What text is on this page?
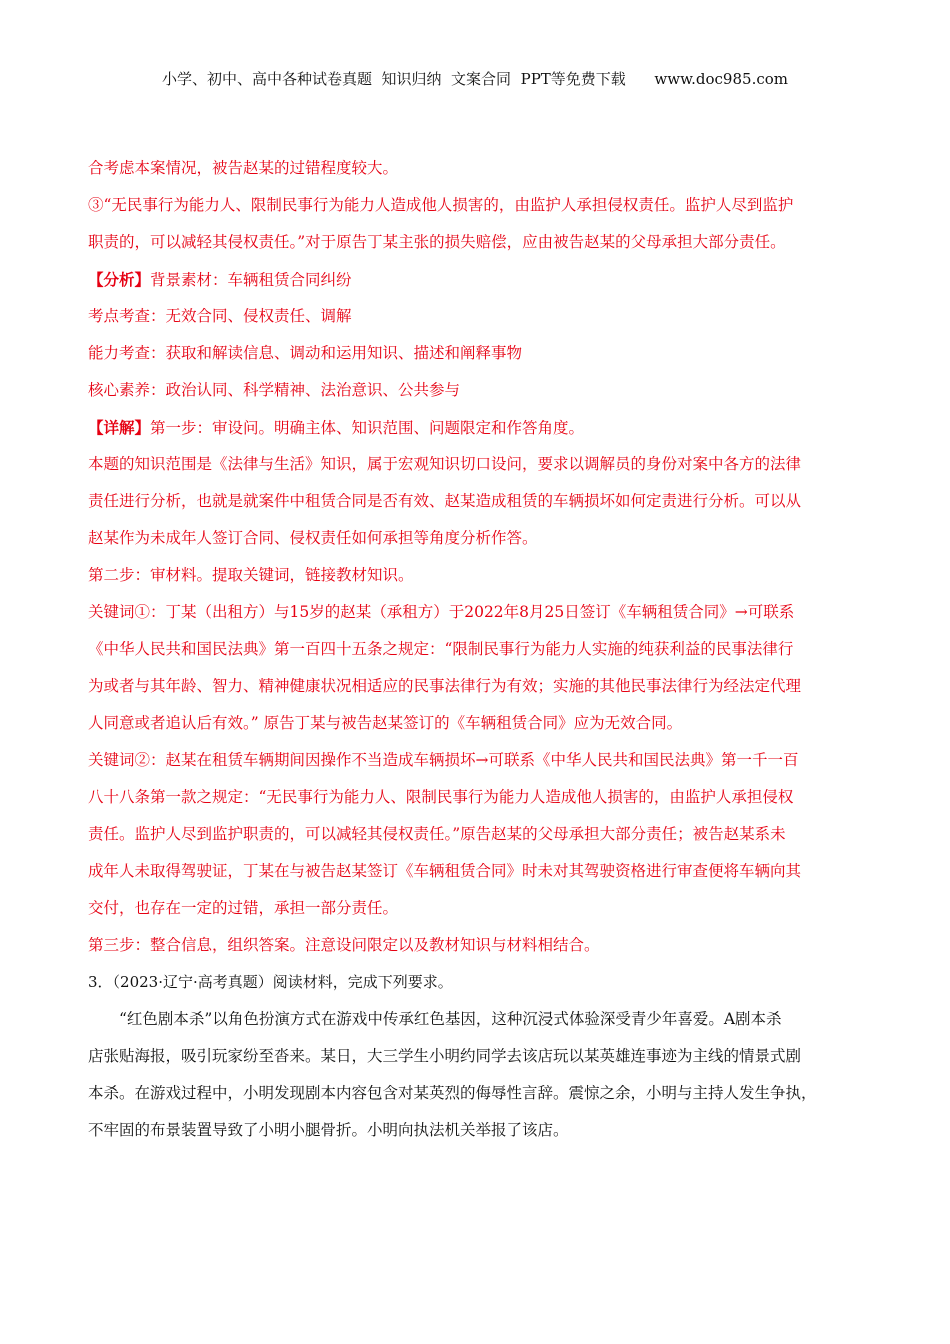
小学、初中、高中各种试卷真题  知识归纳  文案合同  PPT等免费下载      www.doc985.com
合考虑本案情况，被告赵某的过错程度较大。
③“无民事行为能力人、限制民事行为能力人造成他人损害的，由监护人承担侵权责任。监护人尽到监护
职责的，可以减轻其侵权责任。”对于原告丁某主张的损失赔偿，应由被告赵某的父母承担大部分责任。
【分析】背景素材：车辆租赁合同纠纷
考点考查：无效合同、侵权责任、调解
能力考查：获取和解读信息、调动和运用知识、描述和阐释事物
核心素养：政治认同、科学精神、法治意识、公共参与
【详解】第一步：审设问。明确主体、知识范围、问题限定和作答角度。
本题的知识范围是《法律与生活》知识，属于宏观知识切口设问，要求以调解员的身份对案中各方的法律
责任进行分析，也就是就案件中租赁合同是否有效、赵某造成租赁的车辆损坏如何定责进行分析。可以从
赵某作为未成年人签订合同、侵权责任如何承担等角度分析作答。
第二步：审材料。提取关键词，链接教材知识。
关键词①：丁某（出租方）与15岁的赵某（承租方）于2022年8月25日签订《车辆租赁合同》→可联系
《中华人民共和国民法典》第一百四十五条之规定：“限制民事行为能力人实施的纯获利益的民事法律行
为或者与其年龄、智力、精神健康状况相适应的民事法律行为有效；实施的其他民事法律行为经法定代理
人同意或者追认后有效。” 原告丁某与被告赵某签订的《车辆租赁合同》应为无效合同。
关键词②：赵某在租赁车辆期间因操作不当造成车辆损坏→可联系《中华人民共和国民法典》第一千一百
八十八条第一款之规定：“无民事行为能力人、限制民事行为能力人造成他人损害的，由监护人承担侵权
责任。监护人尽到监护职责的，可以减轻其侵权责任。”原告赵某的父母承担大部分责任；被告赵某系未
成年人未取得驾驶证，丁某在与被告赵某签订《车辆租赁合同》时未对其驾驶资格进行审查便将车辆向其
交付，也存在一定的过错，承担一部分责任。
第三步：整合信息，组织答案。注意设问限定以及教材知识与材料相结合。
3．（2023·辽宁·高考真题）阅读材料，完成下列要求。
“红色剧本杀”以角色扮演方式在游戏中传承红色基因，这种沉浸式体验深受青少年喜爱。A剧本杀
店张贴海报，吸引玩家纷至沓来。某日，大三学生小明约同学去该店玩以某英雄连事迹为主线的情景式剧
本杀。在游戏过程中，小明发现剧本内容包含对某英烈的侮辱性言辞。震惊之余，小明与主持人发生争执，
不牢固的布景装置导致了小明小腿骨折。小明向执法机关举报了该店。
